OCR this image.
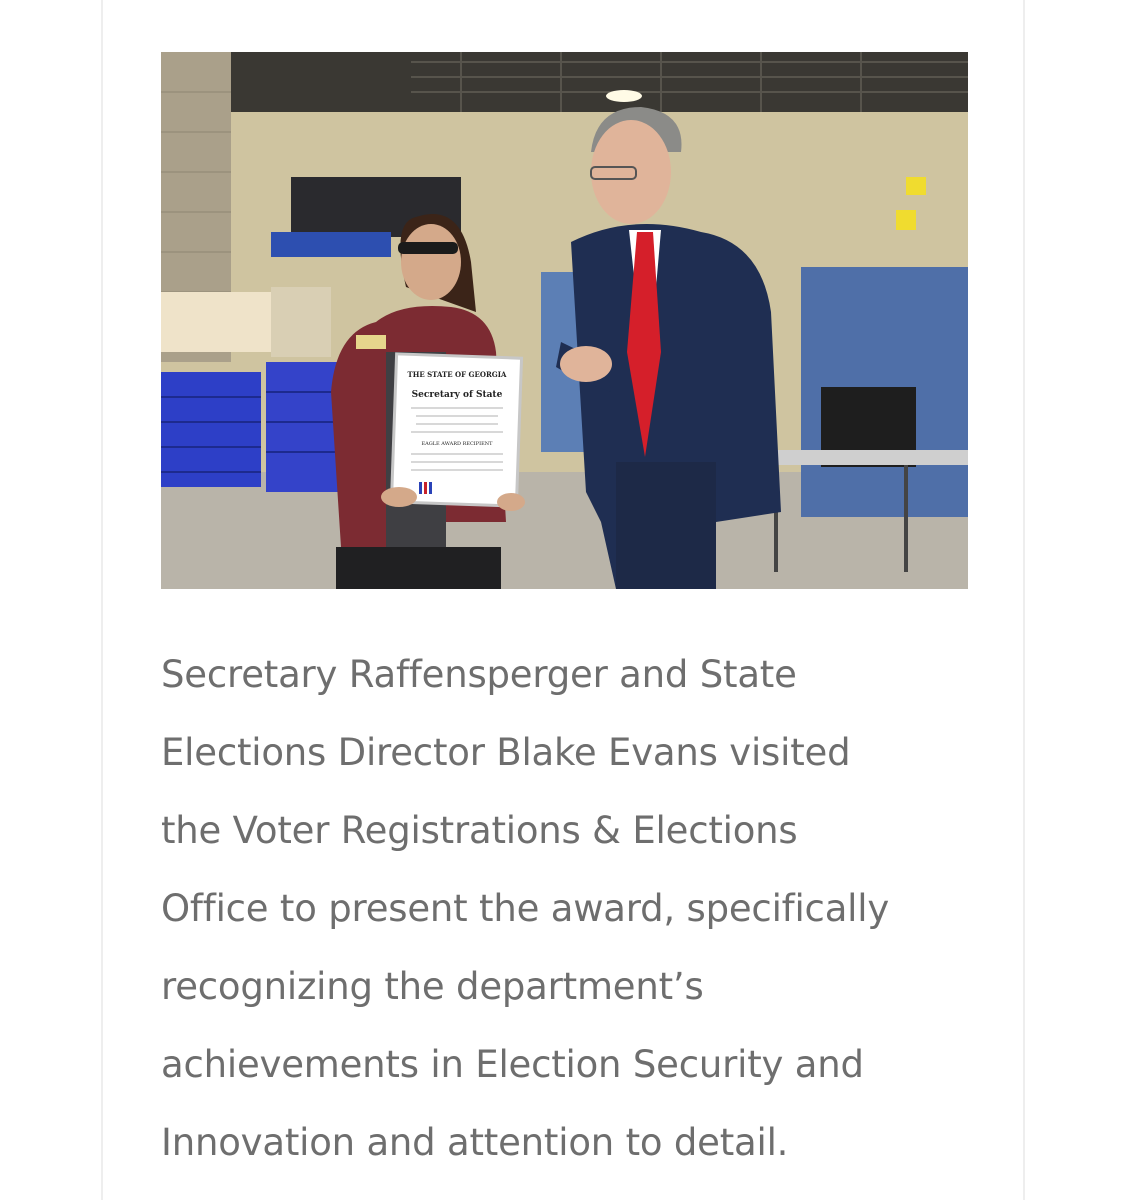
THE STATE OF GEORGIA
Secretary of State
EAGLE AWARD RECIPIENT

Secretary Raffensperger and State
Elections Director Blake Evans visited
the Voter Registrations & Elections
Office to present the award, specifically
recognizing the department’s
achievements in Election Security and
Innovation and attention to detail.
